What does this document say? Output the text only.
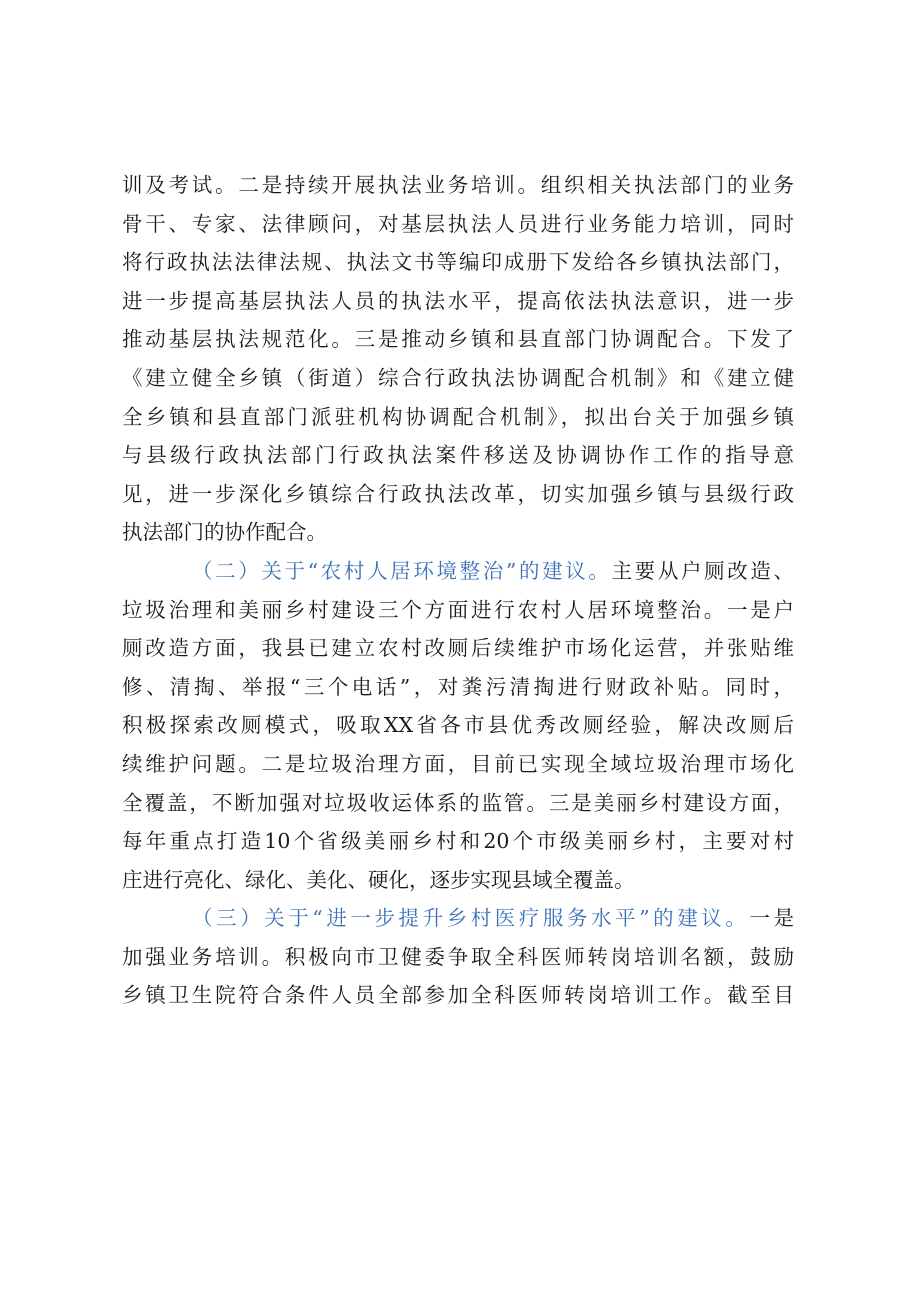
训及考试。二是持续开展执法业务培训。组织相关执法部门的业务
骨干、专家、法律顾问，对基层执法人员进行业务能力培训，同时
将行政执法法律法规、执法文书等编印成册下发给各乡镇执法部门，
进一步提高基层执法人员的执法水平，提高依法执法意识，进一步
推动基层执法规范化。三是推动乡镇和县直部门协调配合。下发了
《建立健全乡镇（街道）综合行政执法协调配合机制》和《建立健
全乡镇和县直部门派驻机构协调配合机制》，拟出台关于加强乡镇
与县级行政执法部门行政执法案件移送及协调协作工作的指导意
见，进一步深化乡镇综合行政执法改革，切实加强乡镇与县级行政
执法部门的协作配合。
（二）关于“农村人居环境整治”的建议。主要从户厕改造、
垃圾治理和美丽乡村建设三个方面进行农村人居环境整治。一是户
厕改造方面，我县已建立农村改厕后续维护市场化运营，并张贴维
修、清掏、举报“三个电话”，对粪污清掏进行财政补贴。同时，
积极探索改厕模式，吸取XX省各市县优秀改厕经验，解决改厕后
续维护问题。二是垃圾治理方面，目前已实现全域垃圾治理市场化
全覆盖，不断加强对垃圾收运体系的监管。三是美丽乡村建设方面，
每年重点打造10个省级美丽乡村和20个市级美丽乡村，主要对村
庄进行亮化、绿化、美化、硬化，逐步实现县域全覆盖。
（三）关于“进一步提升乡村医疗服务水平”的建议。一是
加强业务培训。积极向市卫健委争取全科医师转岗培训名额，鼓励
乡镇卫生院符合条件人员全部参加全科医师转岗培训工作。截至目
